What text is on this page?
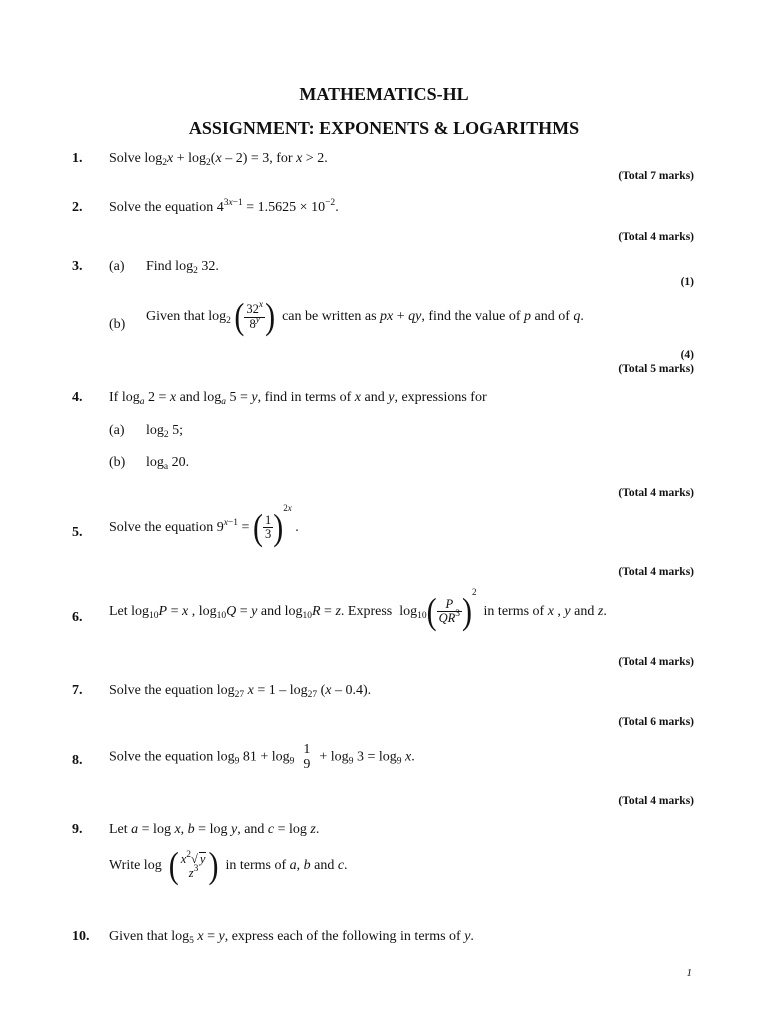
MATHEMATICS-HL
ASSIGNMENT: EXPONENTS & LOGARITHMS
1. Solve $\log_2x + \log_2(x - 2) = 3$, for x > 2.
(Total 7 marks)
2. Solve the equation $4^{3x-1} = 1.5625 \times 10^{-2}$.
(Total 4 marks)
3. (a) Find $\log_2 32$.
(1)
(b)
Given that $\log_2$ ( $\frac{32^x}{8^y}$ )  can be written as px + qy, find the value of p and of q.
(4)
(Total 5 marks)
4. If $\log_a 2 = x$ and $\log_a 5 = y$, find in terms of x and y, expressions for
(a) $\log_2 5$;
(b) $\log_a 20$.
(Total 4 marks)
5. Solve the equation $9^{x-1}$ = ( $\frac{1}{3} )^{2x}$ .
(Total 4 marks)
6. Let $\log_{10}P = x$ , $\log_{10}Q = y$ and $\log_{10}R = z$. Express  $\log_{10}( \frac{P}{QR^3} )^2$  in terms of x , y and z.
(Total 4 marks)
7. Solve the equation $\log_{27} x = 1 - \log_{27} (x - 0.4)$.
(Total 6 marks)
8. Solve the equation $\log_9 81 + \log_9$
1
9
+ $\log_9 3 = \log_9 x$.
(Total 4 marks)
9. Let a = log x, b = log y, and c = log z.
Write log  ( $x^2√$ y
$z^3$ )  in terms of a, b and c.
10. Given that $\log_5 x = y$, express each of the following in terms of y.
1
